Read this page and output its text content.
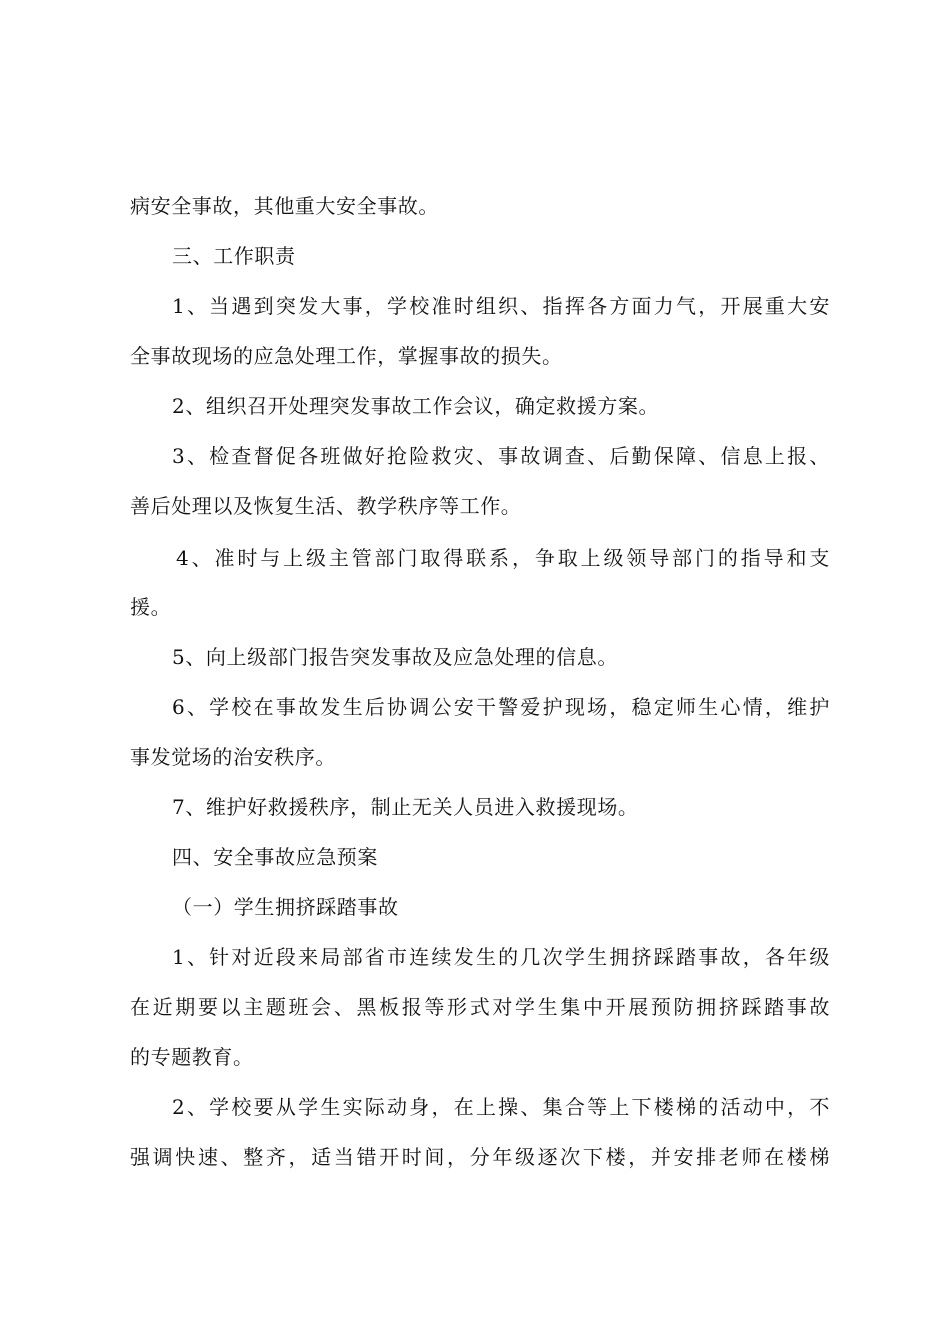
病安全事故，其他重大安全事故。
三、工作职责
1、当遇到突发大事，学校准时组织、指挥各方面力气，开展重大安
全事故现场的应急处理工作，掌握事故的损失。
2、组织召开处理突发事故工作会议，确定救援方案。
3、检查督促各班做好抢险救灾、事故调查、后勤保障、信息上报、
善后处理以及恢复生活、教学秩序等工作。
4、准时与上级主管部门取得联系，争取上级领导部门的指导和支
援。
5、向上级部门报告突发事故及应急处理的信息。
6、学校在事故发生后协调公安干警爱护现场，稳定师生心情，维护
事发觉场的治安秩序。
7、维护好救援秩序，制止无关人员进入救援现场。
四、安全事故应急预案
（一）学生拥挤踩踏事故
1、针对近段来局部省市连续发生的几次学生拥挤踩踏事故，各年级
在近期要以主题班会、黑板报等形式对学生集中开展预防拥挤踩踏事故
的专题教育。
2、学校要从学生实际动身，在上操、集合等上下楼梯的活动中，不
强调快速、整齐，适当错开时间，分年级逐次下楼，并安排老师在楼梯
